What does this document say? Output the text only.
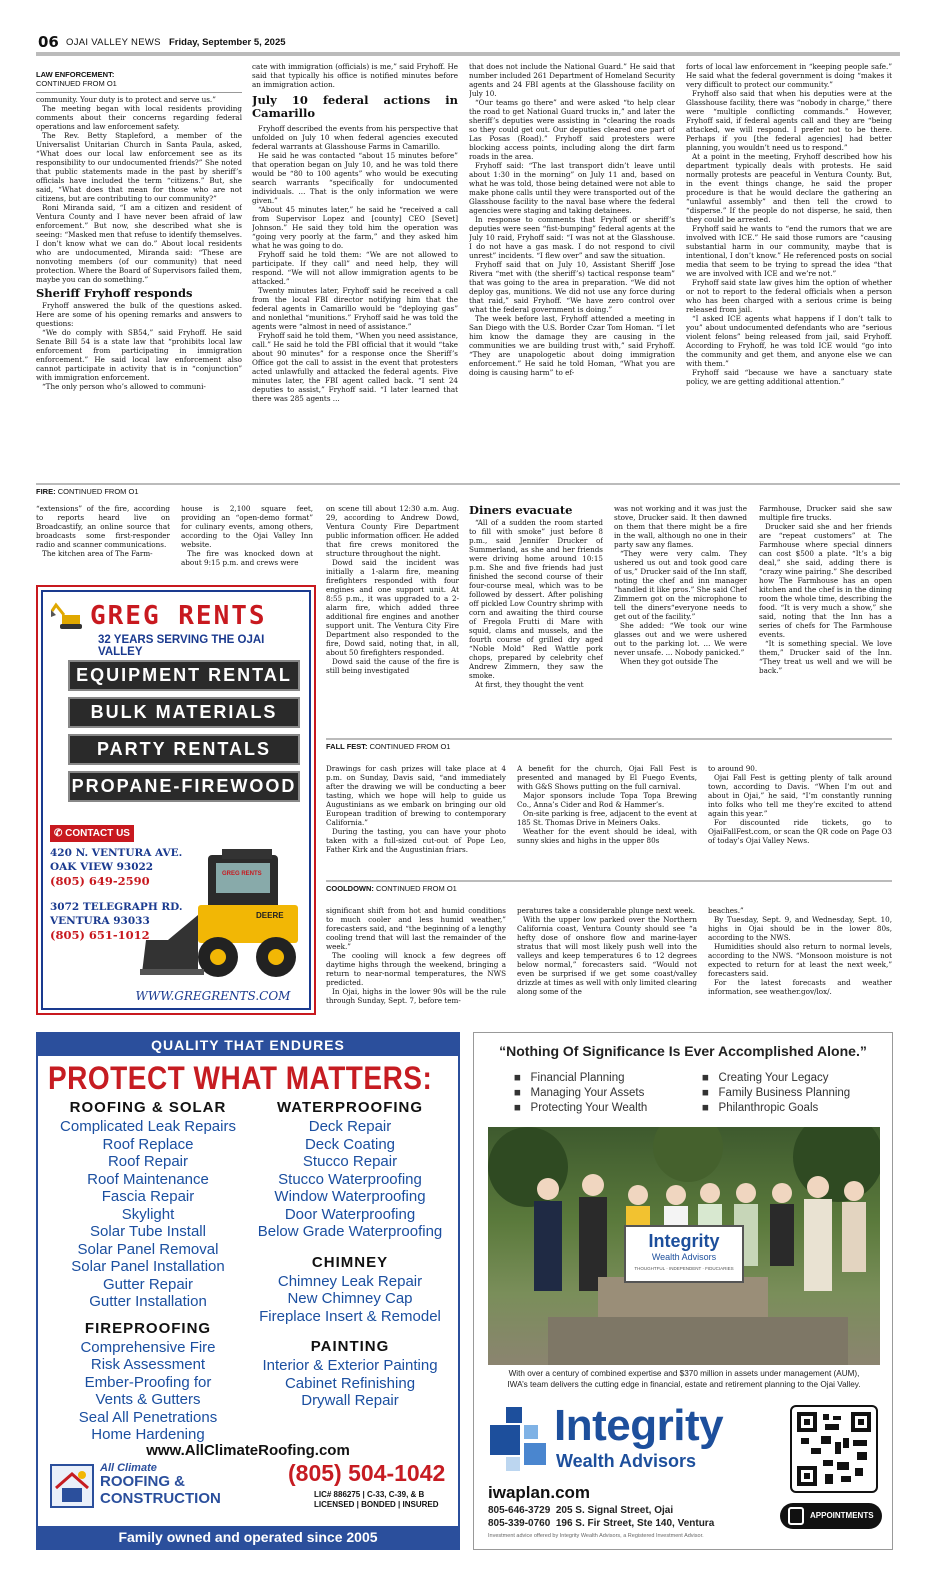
06 OJAI VALLEY NEWS Friday, September 5, 2025
LAW ENFORCEMENT:
CONTINUED FROM O1

community. Your duty is to protect and serve us.”

The meeting began with local residents providing comments about their concerns regarding federal operations and law enforcement safety.

The Rev. Betty Stapleford, a member of the Universalist Unitarian Church in Santa Paula, asked, “What does our local law enforcement see as its responsibility to our undocumented friends?” She noted that public statements made in the past by sheriff’s officials have included the term “citizens.” But, she said, “What does that mean for those who are not citizens, but are contributing to our community?”

Roni Miranda said, “I am a citizen and resident of Ventura County and I have never been afraid of law enforcement.” But now, she described what she is seeing: “Masked men that refuse to identify themselves. I don’t know what we can do.” About local residents who are undocumented, Miranda said: “These are nonvoting members (of our community) that need protection. Where the Board of Supervisors failed them, maybe you can do something.”

Sheriff Fryhoff responds

Fryhoff answered the bulk of the questions asked. Here are some of his opening remarks and answers to questions:

“We do comply with SB54,” said Fryhoff. He said Senate Bill 54 is a state law that “prohibits local law enforcement from participating in immigration enforcement.” He said local law enforcement also cannot participate in activity that is in “conjunction” with immigration enforcement.

“The only person who’s allowed to communi-

cate with immigration (officials) is me,” said Fryhoff. He said that typically his office is notified minutes before an immigration action.

July 10 federal actions in Camarillo

Fryhoff described the events from his perspective that unfolded on July 10 when federal agencies executed federal warrants at Glasshouse Farms in Camarillo.

He said he was contacted “about 15 minutes before” that operation began on July 10, and he was told there would be “80 to 100 agents” who would be executing search warrants “specifically for undocumented individuals. ... That is the only information we were given.”

“About 45 minutes later,” he said he “received a call from Supervisor Lopez and [county] CEO [Sevet] Johnson.” He said they told him the operation was “going very poorly at the farm,” and they asked him what he was going to do.

Fryhoff said he told them: “We are not allowed to participate. If they call” and need help, they will respond. “We will not allow immigration agents to be attacked.”

Twenty minutes later, Fryhoff said he received a call from the local FBI director notifying him that the federal agents in Camarillo would be “deploying gas” and nonlethal “munitions.” Fryhoff said he was told the agents were “almost in need of assistance.”

Fryhoff said he told them, “When you need assistance, call.” He said he told the FBI official that it would “take about 90 minutes” for a response once the Sheriff’s Office got the call to assist in the event that protesters acted unlawfully and attacked the federal agents. Five minutes later, the FBI agent called back. “I sent 24 deputies to assist,” Fryhoff said. “I later learned that there was 285 agents ...

that does not include the National Guard.” He said that number included 261 Department of Homeland Security agents and 24 FBI agents at the Glasshouse facility on July 10.

“Our teams go there” and were asked “to help clear the road to get National Guard trucks in,” and later the sheriff’s deputies were assisting in “clearing the roads so they could get out. Our deputies cleared one part of Las Posas (Road).” Fryhoff said protesters were blocking access points, including along the dirt farm roads in the area.

Fryhoff said: “The last transport didn’t leave until about 1:30 in the morning” on July 11 and, based on what he was told, those being detained were not able to make phone calls until they were transported out of the Glasshouse facility to the naval base where the federal agencies were staging and taking detainees.

In response to comments that Fryhoff or sheriff’s deputies were seen “fist-bumping” federal agents at the July 10 raid, Fryhoff said: “I was not at the Glasshouse. I do not have a gas mask. I do not respond to civil unrest” incidents. “I flew over” and saw the situation.

Fryhoff said that on July 10, Assistant Sheriff Jose Rivera “met with (the sheriff’s) tactical response team” that was going to the area in preparation. “We did not deploy gas, munitions. We did not use any force during that raid,” said Fryhoff. “We have zero control over what the federal government is doing.”

The week before last, Fryhoff attended a meeting in San Diego with the U.S. Border Czar Tom Homan. “I let him know the damage they are causing in the communities we are building trust with,” said Fryhoff. “They are unapologetic about doing immigration enforcement.” He said he told Homan, “What you are doing is causing harm” to ef-

forts of local law enforcement in “keeping people safe.” He said what the federal government is doing “makes it very difficult to protect our community.”

Fryhoff also said that when his deputies were at the Glasshouse facility, there was “nobody in charge,” there were “multiple conflicting commands.” However, Fryhoff said, if federal agents call and they are “being attacked, we will respond. I prefer not to be there. Perhaps if you [the federal agencies] had better planning, you wouldn’t need us to respond.”

At a point in the meeting, Fryhoff described how his department typically deals with protests. He said normally protests are peaceful in Ventura County. But, in the event things change, he said the proper procedure is that he would declare the gathering an “unlawful assembly” and then tell the crowd to “disperse.” If the people do not disperse, he said, then they could be arrested.

Fryhoff said he wants to “end the rumors that we are involved with ICE.” He said those rumors are “causing substantial harm in our community, maybe that is intentional, I don’t know.” He referenced posts on social media that seem to be trying to spread the idea “that we are involved with ICE and we’re not.”

Fryhoff said state law gives him the option of whether or not to report to the federal officials when a person who has been charged with a serious crime is being released from jail.

“I asked ICE agents what happens if I don’t talk to you” about undocumented defendants who are “serious violent felons” being released from jail, said Fryhoff. According to Fryhoff, he was told ICE would “go into the community and get them, and anyone else we can with them.”

Fryhoff said “because we have a sanctuary state policy, we are getting additional attention.”

FIRE: CONTINUED FROM O1

“extensions” of the fire, according to reports heard live on Broadcastify, an online source that broadcasts some first-responder radio and scanner communications.

The kitchen area of The Farm-

house is 2,100 square feet, providing an “open-demo format” for culinary events, among others, according to the Ojai Valley Inn website.

The fire was knocked down at about 9:15 p.m. and crews were

on scene till about 12:30 a.m. Aug. 29, according to Andrew Dowd, Ventura County Fire Department public information officer. He added that fire crews monitored the structure throughout the night.

Dowd said the incident was initially a 1-alarm fire, meaning firefighters responded with four engines and one support unit. At 8:55 p.m., it was upgraded to a 2-alarm fire, which added three additional fire engines and another support unit. The Ventura City Fire Department also responded to the fire, Dowd said, noting that, in all, about 50 firefighters responded.

Dowd said the cause of the fire is still being investigated

Diners evacuate

“All of a sudden the room started to fill with smoke” just before 8 p.m., said Jennifer Drucker of Summerland, as she and her friends were driving home around 10:15 p.m. She and five friends had just finished the second course of their four-course meal, which was to be followed by dessert. After polishing off pickled Low Country shrimp with corn and awaiting the third course of Fregola Frutti di Mare with squid, clams and mussels, and the fourth course of grilled dry aged “Noble Mold” Red Wattle pork chops, prepared by celebrity chef Andrew Zimmern, they saw the smoke.

At first, they thought the vent

was not working and it was just the stove, Drucker said. It then dawned on them that there might be a fire in the wall, although no one in their party saw any flames.

“They were very calm. They ushered us out and took good care of us,” Drucker said of the Inn staff, noting the chef and inn manager “handled it like pros.” She said Chef Zimmern got on the microphone to tell the diners“everyone needs to get out of the facility.”

She added: “We took our wine glasses out and we were ushered out to the parking lot. ... We were never unsafe. ... Nobody panicked.”

When they got outside The

Farmhouse, Drucker said she saw multiple fire trucks.

Drucker said she and her friends are “repeat customers” at The Farmhouse where special dinners can cost $500 a plate. “It’s a big deal,” she said, adding there is “crazy wine pairing.” She described how The Farmhouse has an open kitchen and the chef is in the dining room the whole time, describing the food. “It is very much a show,” she said, noting that the Inn has a series of chefs for The Farmhouse events.

“It is something special. We love them,” Drucker said of the Inn. “They treat us well and we will be back.”

GREG RENTS
32 YEARS SERVING THE OJAI VALLEY
EQUIPMENT RENTAL
BULK MATERIALS
PARTY RENTALS
PROPANE-FIREWOOD
✆ CONTACT US
420 N. VENTURA AVE.
OAK VIEW 93022
(805) 649-2590
3072 TELEGRAPH RD.
VENTURA 93033
(805) 651-1012
DEERE
GREG RENTS
WWW.GREGRENTS.COM
FALL FEST: CONTINUED FROM O1

Drawings for cash prizes will take place at 4 p.m. on Sunday, Davis said, “and immediately after the drawing we will be conducting a beer tasting, which we hope will help to guide us Augustinians as we embark on bringing our old European tradition of brewing to contemporary California.”

During the tasting, you can have your photo taken with a full-sized cut-out of Pope Leo, Father Kirk and the Augustinian friars.

A benefit for the church, Ojai Fall Fest is presented and managed by El Fuego Events, with G&S Shows putting on the full carnival.

Major sponsors include Topa Topa Brewing Co., Anna’s Cider and Rod & Hammer’s.

On-site parking is free, adjacent to the event at 185 St. Thomas Drive in Meiners Oaks.

Weather for the event should be ideal, with sunny skies and highs in the upper 80s

to around 90.

Ojai Fall Fest is getting plenty of talk around town, according to Davis. “When I’m out and about in Ojai,” he said, “I’m constantly running into folks who tell me they’re excited to attend again this year.”

For discounted ride tickets, go to OjaiFallFest.com, or scan the QR code on Page O3 of today’s Ojai Valley News.

COOLDOWN: CONTINUED FROM O1

significant shift from hot and humid conditions to much cooler and less humid weather,” forecasters said, and “the beginning of a lengthy cooling trend that will last the remainder of the week.”

The cooling will knock a few degrees off daytime highs through the weekend, bringing a return to near-normal temperatures, the NWS predicted.

In Ojai, highs in the lower 90s will be the rule through Sunday, Sept. 7, before tem-

peratures take a considerable plunge next week.

With the upper low parked over the Northern California coast, Ventura County should see “a hefty dose of onshore flow and marine-layer stratus that will most likely push well into the valleys and keep temperatures 6 to 12 degrees below normal,” forecasters said. “Would not even be surprised if we get some coast/valley drizzle at times as well with only limited clearing along some of the

beaches.”

By Tuesday, Sept. 9, and Wednesday, Sept. 10, highs in Ojai should be in the lower 80s, according to the NWS.

Humidities should also return to normal levels, according to the NWS. “Monsoon moisture is not expected to return for at least the next week,” forecasters said.

For the latest forecasts and weather information, see weather.gov/lox/.

QUALITY THAT ENDURES
PROTECT WHAT MATTERS:
ROOFING & SOLAR
Complicated Leak Repairs
Roof Replace
Roof Repair
Roof Maintenance
Fascia Repair
Skylight
Solar Tube Install
Solar Panel Removal
Solar Panel Installation
Gutter Repair
Gutter Installation
FIREPROOFING
Comprehensive Fire
Risk Assessment
Ember-Proofing for
Vents & Gutters
Seal All Penetrations
Home Hardening
WATERPROOFING
Deck Repair
Deck Coating
Stucco Repair
Stucco Waterproofing
Window Waterproofing
Door Waterproofing
Below Grade Waterproofing
CHIMNEY
Chimney Leak Repair
New Chimney Cap
Fireplace Insert & Remodel
PAINTING
Interior & Exterior Painting
Cabinet Refinishing
Drywall Repair
www.AllClimateRoofing.com
All Climate
ROOFING &
CONSTRUCTION
(805) 504-1042
LIC# 886275 | C-33, C-39, & B
LICENSED | BONDED | INSURED
Family owned and operated since 2005
“Nothing Of Significance Is Ever Accomplished Alone.”
■   Financial Planning
■   Managing Your Assets
■   Protecting Your Wealth
■   Creating Your Legacy
■   Family Business Planning
■   Philanthropic Goals
Integrity
Wealth Advisors
THOUGHTFUL · INDEPENDENT · FIDUCIARIES
With over a century of combined expertise and $370 million in assets under management (AUM),
IWA’s team delivers the cutting edge in financial, estate and retirement planning to the Ojai Valley.
Integrity
Wealth Advisors
iwaplan.com
805-646-3729 205 S. Signal Street, Ojai
805-339-0760 196 S. Fir Street, Ste 140, Ventura
Investment advice offered by Integrity Wealth Advisors, a Registered Investment Advisor.
APPOINTMENTS
